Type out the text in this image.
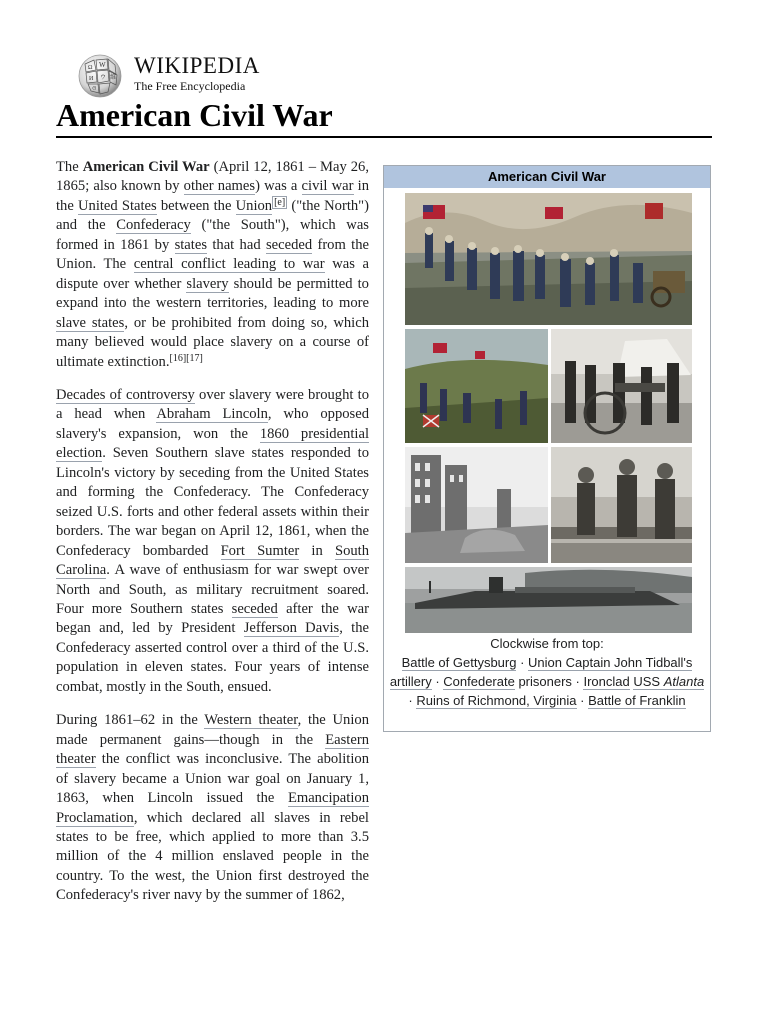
Ω W
И ウ 維
ও
WIKIPEDIA
The Free Encyclopedia
American Civil War

The American Civil War (April 12, 1861 – May 26, 1865; also known by other names) was a civil war in the United States between the Union [e] ("the North") and the Confederacy ("the South"), which was formed in 1861 by states that had seceded from the Union. The central conflict leading to war was a dispute over whether slavery should be permitted to expand into the western territories, leading to more slave states, or be prohibited from doing so, which many believed would place slavery on a course of ultimate extinction.[16][17]

Decades of controversy over slavery were brought to a head when Abraham Lincoln, who opposed slavery's expansion, won the 1860 presidential election. Seven Southern slave states responded to Lincoln's victory by seceding from the United States and forming the Confederacy. The Confederacy seized U.S. forts and other federal assets within their borders. The war began on April 12, 1861, when the Confederacy bombarded Fort Sumter in South Carolina. A wave of enthusiasm for war swept over North and South, as military recruitment soared. Four more Southern states seceded after the war began and, led by President Jefferson Davis, the Confederacy asserted control over a third of the U.S. population in eleven states. Four years of intense combat, mostly in the South, ensued.

During 1861–62 in the Western theater, the Union made permanent gains—though in the Eastern theater the conflict was inconclusive. The abolition of slavery became a Union war goal on January 1, 1863, when Lincoln issued the Emancipation Proclamation, which declared all slaves in rebel states to be free, which applied to more than 3.5 million of the 4 million enslaved people in the country. To the west, the Union first destroyed the Confederacy's river navy by the summer of 1862,

American Civil War
Clockwise from top:
Battle of Gettysburg · Union Captain John Tidball's artillery · Confederate prisoners · Ironclad USS Atlanta · Ruins of Richmond, Virginia · Battle of Franklin
